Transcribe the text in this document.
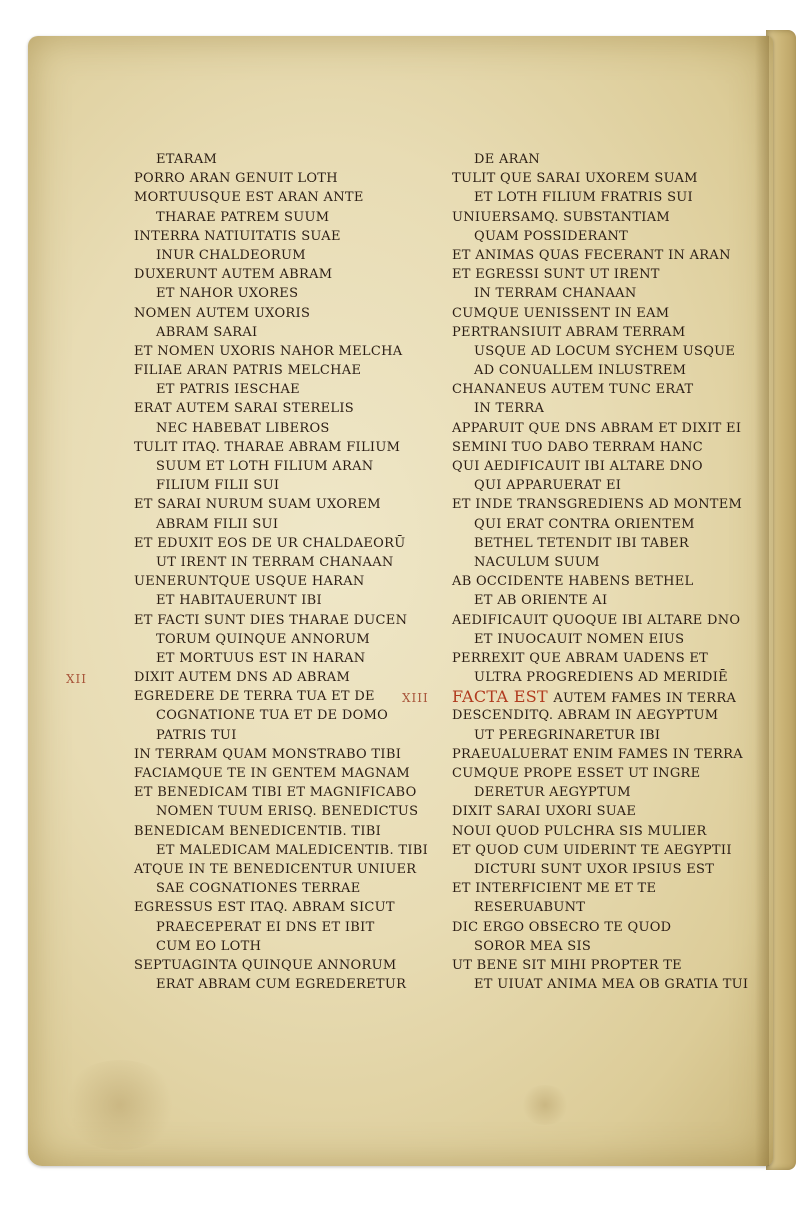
XII
XIII
ETARAM
PORRO ARAN GENUIT LOTH
MORTUUSQUE EST ARAN ANTE
THARAE PATREM SUUM
INTERRA NATIUITATIS SUAE
INUR CHALDEORUM
DUXERUNT AUTEM ABRAM
ET NAHOR UXORES
NOMEN AUTEM UXORIS
ABRAM SARAI
ET NOMEN UXORIS NAHOR MELCHA
FILIAE ARAN PATRIS MELCHAE
ET PATRIS IESCHAE
ERAT AUTEM SARAI STERELIS
NEC HABEBAT LIBEROS
TULIT ITAQ. THARAE ABRAM FILIUM
SUUM ET LOTH FILIUM ARAN
FILIUM FILII SUI
ET SARAI NURUM SUAM UXOREM
ABRAM FILII SUI
ET EDUXIT EOS DE UR CHALDAEORŪ
UT IRENT IN TERRAM CHANAAN
UENERUNTQUE USQUE HARAN
ET HABITAUERUNT IBI
ET FACTI SUNT DIES THARAE DUCEN
TORUM QUINQUE ANNORUM
ET MORTUUS EST IN HARAN
DIXIT AUTEM DNS AD ABRAM
EGREDERE DE TERRA TUA ET DE
COGNATIONE TUA ET DE DOMO
PATRIS TUI
IN TERRAM QUAM MONSTRABO TIBI
FACIAMQUE TE IN GENTEM MAGNAM
ET BENEDICAM TIBI ET MAGNIFICABO
NOMEN TUUM ERISQ. BENEDICTUS
BENEDICAM BENEDICENTIB. TIBI
ET MALEDICAM MALEDICENTIB. TIBI
ATQUE IN TE BENEDICENTUR UNIUER
SAE COGNATIONES TERRAE
EGRESSUS EST ITAQ. ABRAM SICUT
PRAECEPERAT EI DNS ET IBIT
CUM EO LOTH
SEPTUAGINTA QUINQUE ANNORUM
ERAT ABRAM CUM EGREDERETUR
DE ARAN
TULIT QUE SARAI UXOREM SUAM
ET LOTH FILIUM FRATRIS SUI
UNIUERSAMQ. SUBSTANTIAM
QUAM POSSIDERANT
ET ANIMAS QUAS FECERANT IN ARAN
ET EGRESSI SUNT UT IRENT
IN TERRAM CHANAAN
CUMQUE UENISSENT IN EAM
PERTRANSIUIT ABRAM TERRAM
USQUE AD LOCUM SYCHEM USQUE
AD CONUALLEM INLUSTREM
CHANANEUS AUTEM TUNC ERAT
IN TERRA
APPARUIT QUE DNS ABRAM ET DIXIT EI
SEMINI TUO DABO TERRAM HANC
QUI AEDIFICAUIT IBI ALTARE DNO
QUI APPARUERAT EI
ET INDE TRANSGREDIENS AD MONTEM
QUI ERAT CONTRA ORIENTEM
BETHEL TETENDIT IBI TABER
NACULUM SUUM
AB OCCIDENTE HABENS BETHEL
ET AB ORIENTE AI
AEDIFICAUIT QUOQUE IBI ALTARE DNO
ET INUOCAUIT NOMEN EIUS
PERREXIT QUE ABRAM UADENS ET
ULTRA PROGREDIENS AD MERIDIĒ
FACTA EST AUTEM FAMES IN TERRA
DESCENDITQ. ABRAM IN AEGYPTUM
UT PEREGRINARETUR IBI
PRAEUALUERAT ENIM FAMES IN TERRA
CUMQUE PROPE ESSET UT INGRE
DERETUR AEGYPTUM
DIXIT SARAI UXORI SUAE
NOUI QUOD PULCHRA SIS MULIER
ET QUOD CUM UIDERINT TE AEGYPTII
DICTURI SUNT UXOR IPSIUS EST
ET INTERFICIENT ME ET TE
RESERUABUNT
DIC ERGO OBSECRO TE QUOD
SOROR MEA SIS
UT BENE SIT MIHI PROPTER TE
ET UIUAT ANIMA MEA OB GRATIA TUI
